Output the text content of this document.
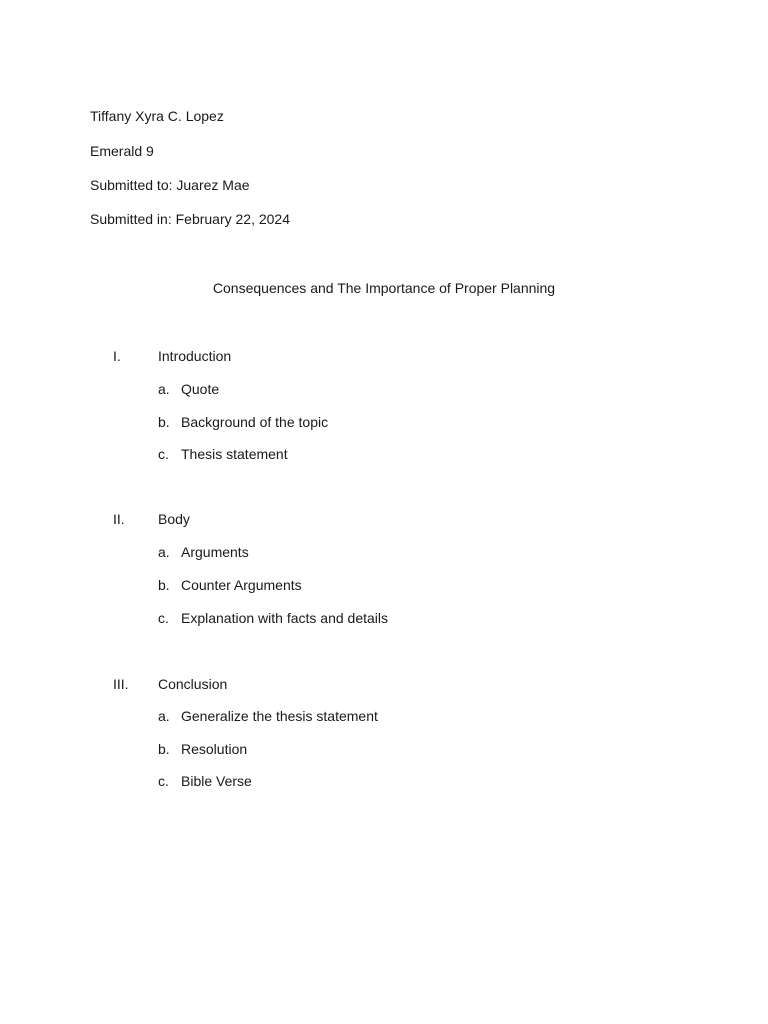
Tiffany Xyra C. Lopez
Emerald 9
Submitted to: Juarez Mae
Submitted in: February 22, 2024
Consequences and The Importance of Proper Planning
I.	Introduction
a. Quote
b. Background of the topic
c. Thesis statement
II. Body
a. Arguments
b. Counter Arguments
c. Explanation with facts and details
III. Conclusion
a. Generalize the thesis statement
b. Resolution
c. Bible Verse
